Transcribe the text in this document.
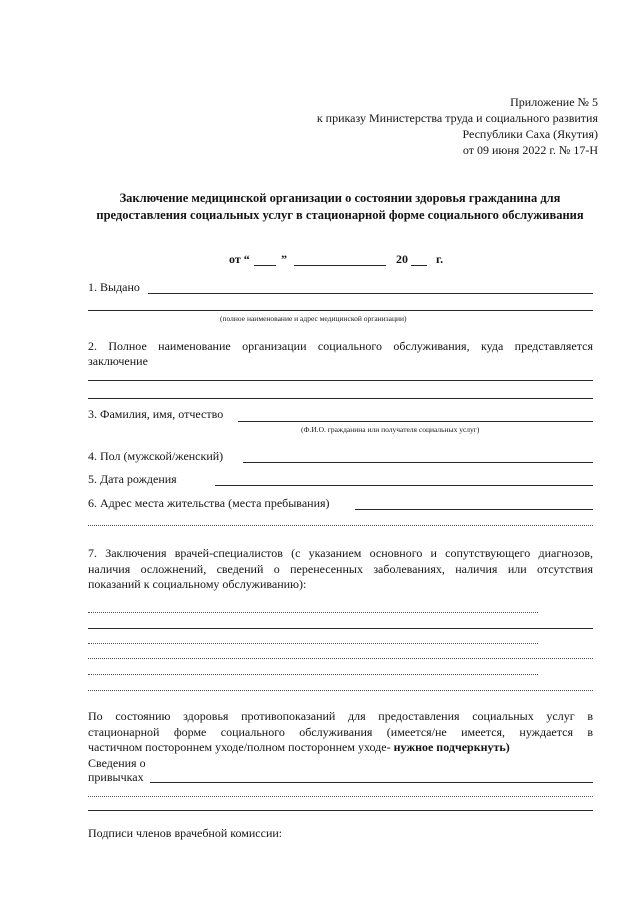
Приложение № 5
к приказу Министерства труда и социального развития
Республики Саха (Якутия)
от 09 июня 2022 г. № 17-Н
Заключение медицинской организации о состоянии здоровья гражданина для предоставления социальных услуг в стационарной форме социального обслуживания
от “	”	20 г.
1. Выдано
(полное наименование и адрес медицинской организации)
2. Полное наименование организации социального обслуживания, куда представляется
заключение
3. Фамилия, имя, отчество
(Ф.И.О. гражданина или получателя социальных услуг)
4. Пол (мужской/женский)
5. Дата рождения
6. Адрес места жительства (места пребывания)
7. Заключения врачей-специалистов (с указанием основного и сопутствующего диагнозов,
наличия осложнений, сведений о перенесенных заболеваниях, наличия или отсутствия
показаний к социальному обслуживанию):
По состоянию здоровья противопоказаний для предоставления социальных услуг в
стационарной форме социального обслуживания (имеется/не имеется, нуждается в
частичном постороннем уходе/полном постороннем уходе- нужное подчеркнуть)
Сведения о
привычках
Подписи членов врачебной комиссии:
